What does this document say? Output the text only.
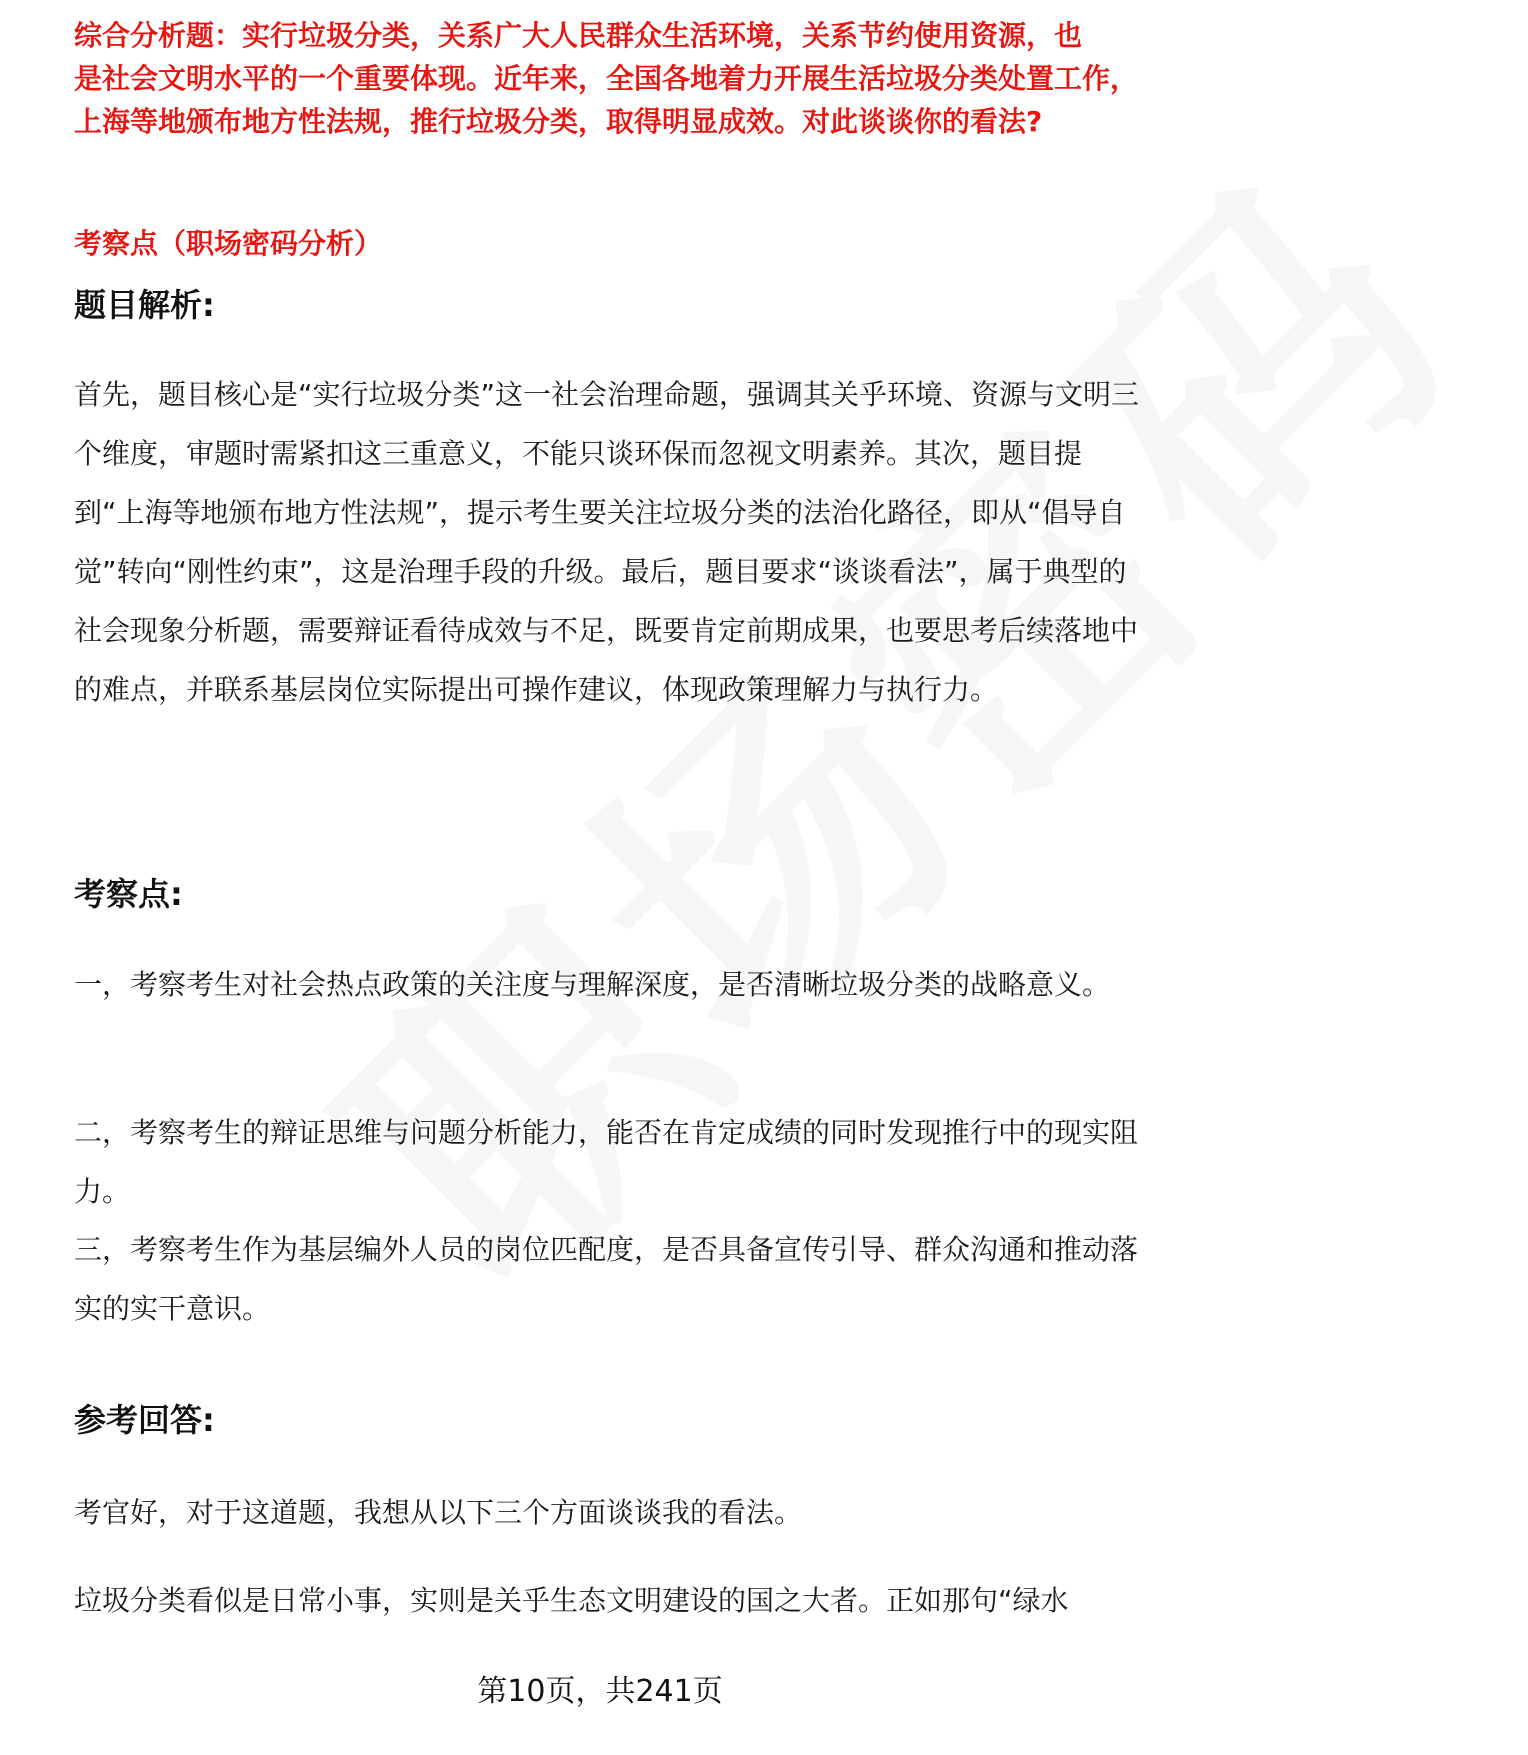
综合分析题：实行垃圾分类，关系广大人民群众生活环境，关系节约使用资源，也
是社会文明水平的一个重要体现。近年来，全国各地着力开展生活垃圾分类处置工作，上海等地颁布地方性法规，推行垃圾分类，取得明显成效。对此谈谈你的看法?

考察点（职场密码分析）

题目解析:

首先，题目核心是“实行垃圾分类”这一社会治理命题，强调其关乎环境、资源与文明三个维度，审题时需紧扣这三重意义，不能只谈环保而忽视文明素养。其次，题目提到“上海等地颁布地方性法规”，提示考生要关注垃圾分类的法治化路径，即从“倡导自觉”转向“刚性约束”，这是治理手段的升级。最后，题目要求“谈谈看法”，属于典型的社会现象分析题，需要辩证看待成效与不足，既要肯定前期成果，也要思考后续落地中的难点，并联系基层岗位实际提出可操作建议，体现政策理解力与执行力。

考察点:

一，考察考生对社会热点政策的关注度与理解深度，是否清晰垃圾分类的战略意义。

二，考察考生的辩证思维与问题分析能力，能否在肯定成绩的同时发现推行中的现实阻力。

三，考察考生作为基层编外人员的岗位匹配度，是否具备宣传引导、群众沟通和推动落实的实干意识。

参考回答:

考官好，对于这道题，我想从以下三个方面谈谈我的看法。

垃圾分类看似是日常小事，实则是关乎生态文明建设的国之大者。正如那句“绿水

第10页，共241页
